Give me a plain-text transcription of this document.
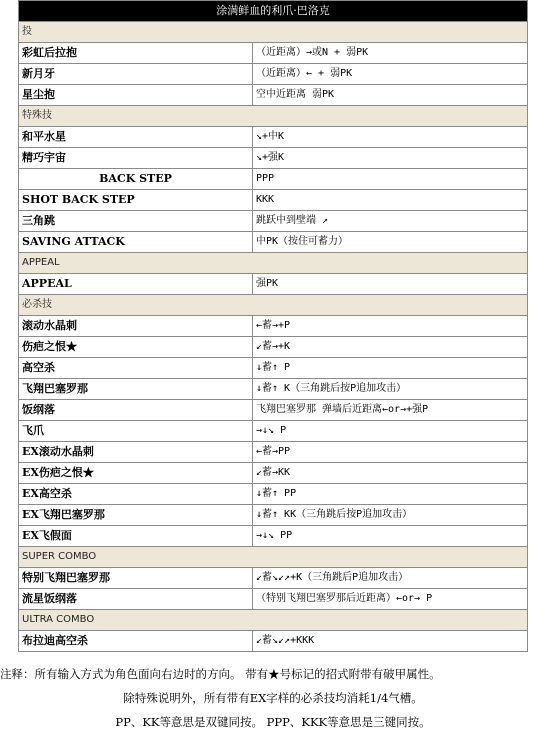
涂满鲜血的利爪·巴洛克	
投	
彩虹后拉抱	（近距离）→或N + 弱PK
新月牙	（近距离）← + 弱PK
星尘抱	空中近距离 弱PK
特殊技	
和平水星	↘+中K
精巧宇宙	↘+强K
BACK STEP	PPP
SHOT BACK STEP	KKK
三角跳	跳跃中到壁端 ↗
SAVING ATTACK	中PK（按住可蓄力）
APPEAL	
APPEAL	强PK
必杀技	
滚动水晶刺	←蓄→+P
伤疤之恨★	↙蓄→+K
高空杀	↓蓄↑ P
飞翔巴塞罗那	↓蓄↑ K（三角跳后按P追加攻击）
饭纲落	飞翔巴塞罗那 弹墙后近距离←or→+强P
飞爪	→↓↘ P
EX滚动水晶刺	←蓄→PP
EX伤疤之恨★	↙蓄→KK
EX高空杀	↓蓄↑ PP
EX飞翔巴塞罗那	↓蓄↑ KK（三角跳后按P追加攻击）
EX飞假面	→↓↘ PP
SUPER COMBO	
特别飞翔巴塞罗那	↙蓄↘↙↗+K（三角跳后P追加攻击）
流星饭纲落	（特别飞翔巴塞罗那后近距离）←or→ P
ULTRA COMBO	
布拉迪高空杀	↙蓄↘↙↗+KKK
注释：所有输入方式为角色面向右边时的方向。 带有★号标记的招式附带有破甲属性。
除特殊说明外，所有带有EX字样的必杀技均消耗1/4气槽。
PP、KK等意思是双键同按。 PPP、KKK等意思是三键同按。
